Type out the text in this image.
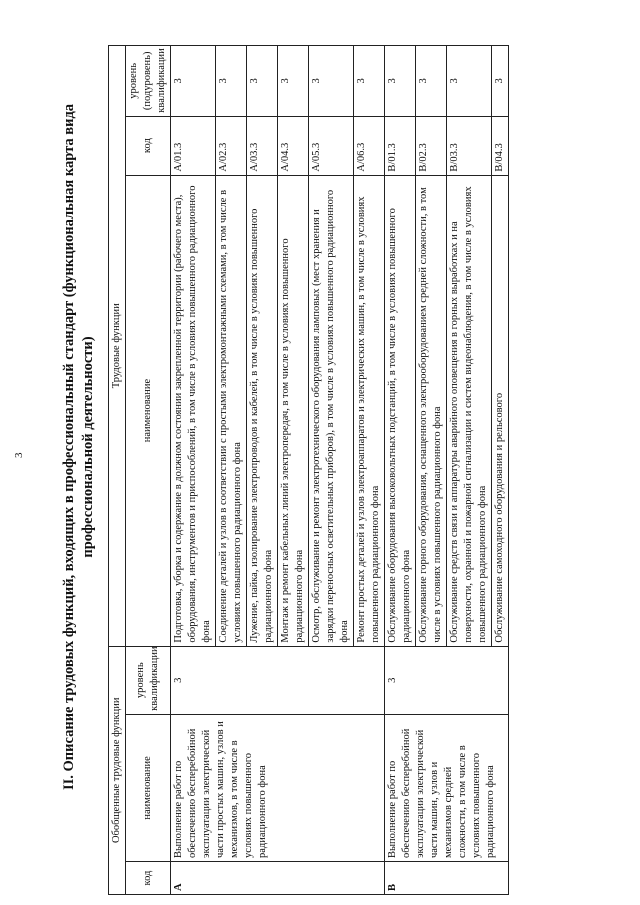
3 II. Описание трудовых функций, входящих в профессиональный стандарт (функциональная карта вида профессиональной деятельности)
Обобщенные трудовые функции			Трудовые функции		
код	наименование	уровень квалификации	наименование	код	уровень (подуровень) квалификации
A	Выполнение работ по обеспечению бесперебойной эксплуатации электрической части простых машин, узлов и механизмов, в том числе в условиях повышенного радиационного фона	3	Подготовка, уборка и содержание в должном состоянии закрепленной территории (рабочего места), оборудования, инструментов и приспособлений, в том числе в условиях повышенного радиационного фона	A/01.3	3
			Соединение деталей и узлов в соответствии с простыми электромонтажными схемами, в том числе в условиях повышенного радиационного фона	A/02.3	3
			Лужение, пайка, изолирование электропроводов и кабелей, в том числе в условиях повышенного радиационного фона	A/03.3	3
			Монтаж и ремонт кабельных линий электропередач, в том числе в условиях повышенного радиационного фона	A/04.3	3
			Осмотр, обслуживание и ремонт электротехнического оборудования ламповых (мест хранения и зарядки переносных осветительных приборов), в том числе в условиях повышенного радиационного фона	A/05.3	3
			Ремонт простых деталей и узлов электроаппаратов и электрических машин, в том числе в условиях повышенного радиационного фона	A/06.3	3
B	Выполнение работ по обеспечению бесперебойной эксплуатации электрической части машин, узлов и механизмов средней сложности, в том числе в условиях повышенного радиационного фона	3	Обслуживание оборудования высоковольтных подстанций, в том числе в условиях повышенного радиационного фона	B/01.3	3
			Обслуживание горного оборудования, оснащенного электрооборудованием средней сложности, в том числе в условиях повышенного радиационного фона	B/02.3	3
			Обслуживание средств связи и аппаратуры аварийного оповещения в горных выработках и на поверхности, охранной и пожарной сигнализации и систем видеонаблюдения, в том числе в условиях повышенного радиационного фона	B/03.3	3
			Обслуживание самоходного оборудования и рельсового	B/04.3	3
